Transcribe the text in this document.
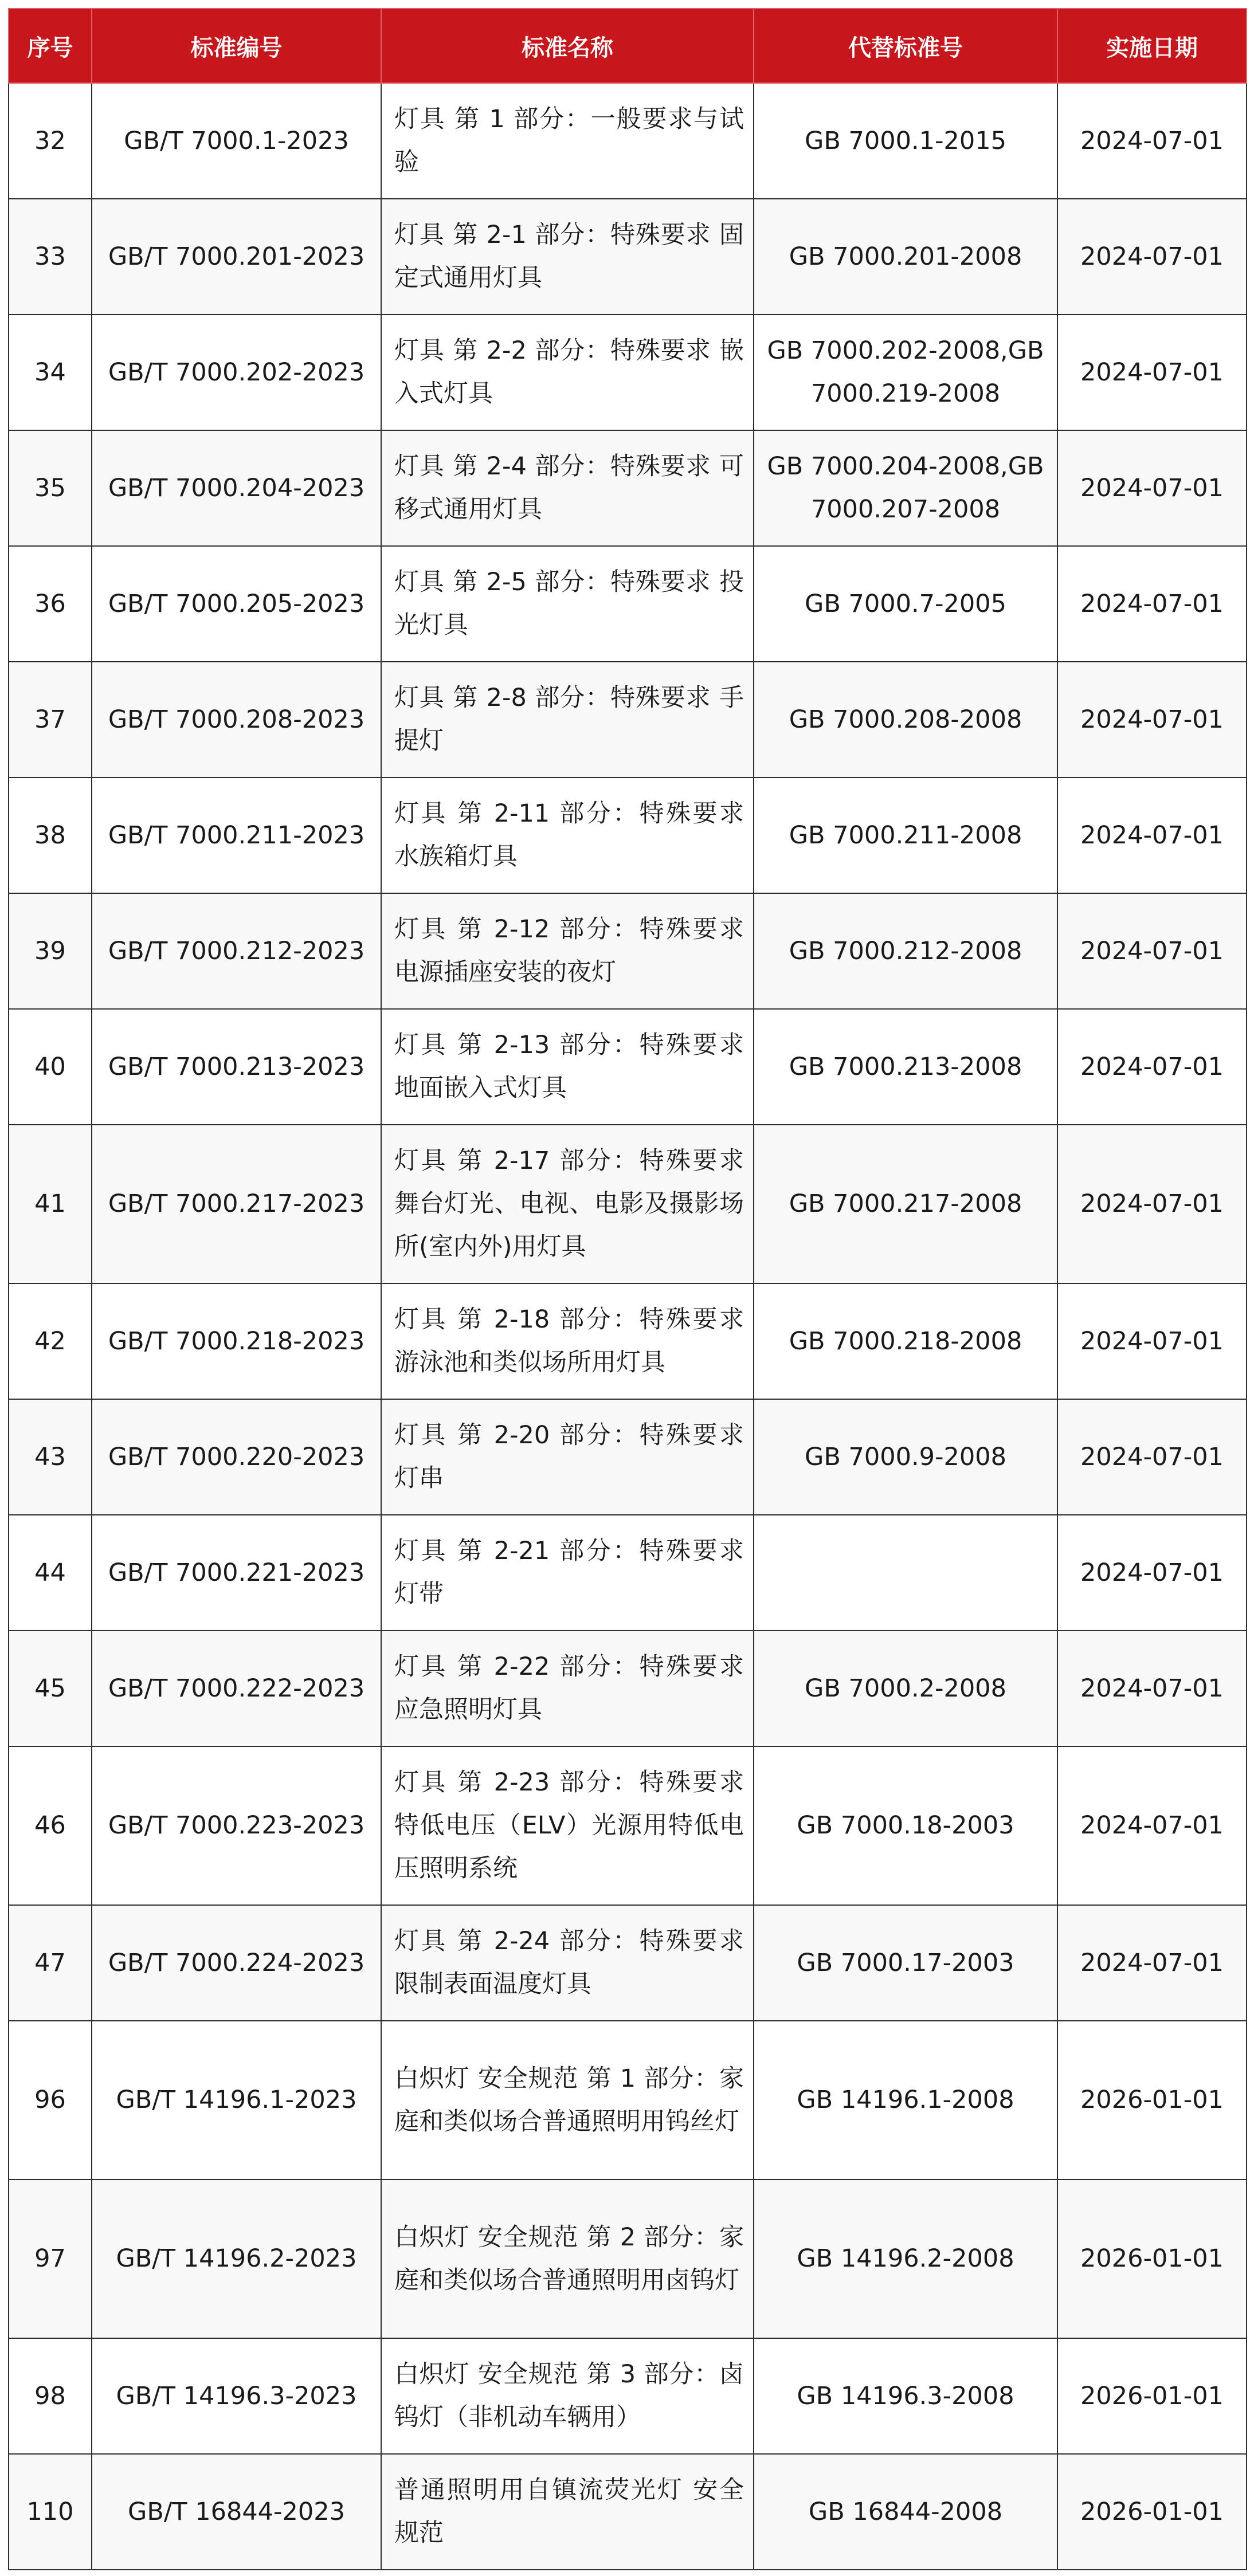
序号	标准编号	标准名称	代替标准号	实施日期
32	GB/T 7000.1-2023	灯具 第 1 部分：一般要求与试验	GB 7000.1-2015	2024-07-01
33	GB/T 7000.201-2023	灯具 第 2-1 部分：特殊要求 固定式通用灯具	GB 7000.201-2008	2024-07-01
34	GB/T 7000.202-2023	灯具 第 2-2 部分：特殊要求 嵌入式灯具	GB 7000.202-2008,GB 7000.219-2008	2024-07-01
35	GB/T 7000.204-2023	灯具 第 2-4 部分：特殊要求 可移式通用灯具	GB 7000.204-2008,GB 7000.207-2008	2024-07-01
36	GB/T 7000.205-2023	灯具 第 2-5 部分：特殊要求 投光灯具	GB 7000.7-2005	2024-07-01
37	GB/T 7000.208-2023	灯具 第 2-8 部分：特殊要求 手提灯	GB 7000.208-2008	2024-07-01
38	GB/T 7000.211-2023	灯具 第 2-11 部分：特殊要求 水族箱灯具	GB 7000.211-2008	2024-07-01
39	GB/T 7000.212-2023	灯具 第 2-12 部分：特殊要求 电源插座安装的夜灯	GB 7000.212-2008	2024-07-01
40	GB/T 7000.213-2023	灯具 第 2-13 部分：特殊要求 地面嵌入式灯具	GB 7000.213-2008	2024-07-01
41	GB/T 7000.217-2023	灯具 第 2-17 部分：特殊要求 舞台灯光、电视、电影及摄影场所(室内外)用灯具	GB 7000.217-2008	2024-07-01
42	GB/T 7000.218-2023	灯具 第 2-18 部分：特殊要求 游泳池和类似场所用灯具	GB 7000.218-2008	2024-07-01
43	GB/T 7000.220-2023	灯具 第 2-20 部分：特殊要求 灯串	GB 7000.9-2008	2024-07-01
44	GB/T 7000.221-2023	灯具 第 2-21 部分：特殊要求 灯带		2024-07-01
45	GB/T 7000.222-2023	灯具 第 2-22 部分：特殊要求 应急照明灯具	GB 7000.2-2008	2024-07-01
46	GB/T 7000.223-2023	灯具 第 2-23 部分：特殊要求 特低电压（ELV）光源用特低电压照明系统	GB 7000.18-2003	2024-07-01
47	GB/T 7000.224-2023	灯具 第 2-24 部分：特殊要求 限制表面温度灯具	GB 7000.17-2003	2024-07-01
96	GB/T 14196.1-2023	白炽灯 安全规范 第 1 部分：家庭和类似场合普通照明用钨丝灯	GB 14196.1-2008	2026-01-01
97	GB/T 14196.2-2023	白炽灯 安全规范 第 2 部分：家庭和类似场合普通照明用卤钨灯	GB 14196.2-2008	2026-01-01
98	GB/T 14196.3-2023	白炽灯 安全规范 第 3 部分：卤钨灯（非机动车辆用）	GB 14196.3-2008	2026-01-01
110	GB/T 16844-2023	普通照明用自镇流荧光灯 安全规范	GB 16844-2008	2026-01-01
